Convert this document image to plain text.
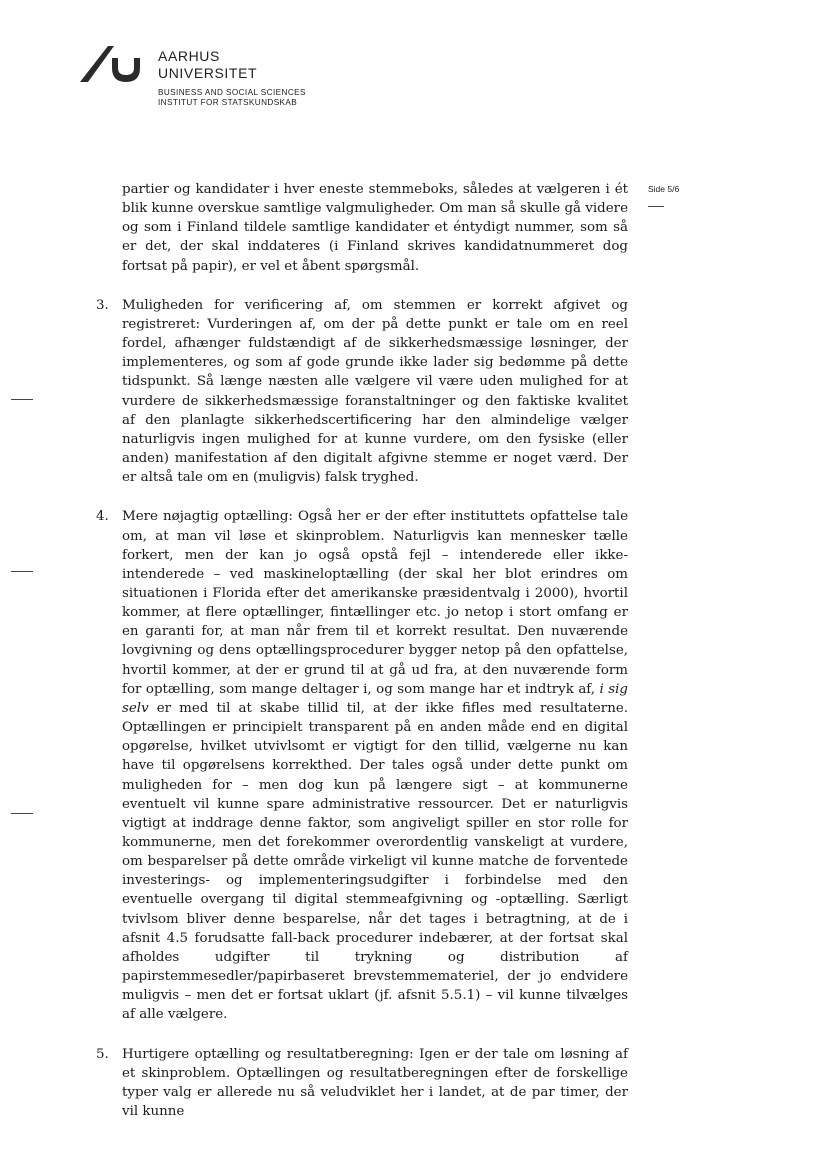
AARHUS
UNIVERSITET
BUSINESS AND SOCIAL SCIENCES
INSTITUT FOR STATSKUNDSKAB
Side 5/6

partier og kandidater i hver eneste stemmeboks, således at vælgeren i ét blik kunne overskue samtlige valgmuligheder. Om man så skulle gå videre og som i Finland tildele samtlige kandidater et éntydigt nummer, som så er det, der skal inddateres (i Finland skrives kandidatnummeret dog fortsat på papir), er vel et åbent spørgsmål.

3. Muligheden for verificering af, om stemmen er korrekt afgivet og registreret: Vurderingen af, om der på dette punkt er tale om en reel fordel, afhænger fuldstændigt af de sikkerhedsmæssige løsninger, der implementeres, og som af gode grunde ikke lader sig bedømme på dette tidspunkt. Så længe næsten alle vælgere vil være uden mulighed for at vurdere de sikkerhedsmæssige foranstaltninger og den faktiske kvalitet af den planlagte sikkerhedscertificering har den almindelige vælger naturligvis ingen mulighed for at kunne vurdere, om den fysiske (eller anden) manifestation af den digitalt afgivne stemme er noget værd. Der er altså tale om en (muligvis) falsk tryghed.
4. Mere nøjagtig optælling: Også her er der efter instituttets opfattelse tale om, at man vil løse et skinproblem. Naturligvis kan mennesker tælle forkert, men der kan jo også opstå fejl – intenderede eller ikke-intenderede – ved maskineloptælling (der skal her blot erindres om situationen i Florida efter det amerikanske præsidentvalg i 2000), hvortil kommer, at flere optællinger, fintællinger etc. jo netop i stort omfang er en garanti for, at man når frem til et korrekt resultat. Den nuværende lovgivning og dens optællingsprocedurer bygger netop på den opfattelse, hvortil kommer, at der er grund til at gå ud fra, at den nuværende form for optælling, som mange deltager i, og som mange har et indtryk af, i sig selv er med til at skabe tillid til, at der ikke fifles med resultaterne. Optællingen er principielt transparent på en anden måde end en digital opgørelse, hvilket utvivlsomt er vigtigt for den tillid, vælgerne nu kan have til opgørelsens korrekthed. Der tales også under dette punkt om muligheden for – men dog kun på længere sigt – at kommunerne eventuelt vil kunne spare administrative ressourcer. Det er naturligvis vigtigt at inddrage denne faktor, som angiveligt spiller en stor rolle for kommunerne, men det forekommer overordentlig vanskeligt at vurdere, om besparelser på dette område virkeligt vil kunne matche de forventede investerings- og implementeringsudgifter i forbindelse med den eventuelle overgang til digital stemmeafgivning og -optælling. Særligt tvivlsom bliver denne besparelse, når det tages i betragtning, at de i afsnit 4.5 forudsatte fall-back procedurer indebærer, at der fortsat skal afholdes udgifter til trykning og distribution af papirstemmesedler/papirbaseret brevstemmemateriel, der jo endvidere muligvis – men det er fortsat uklart (jf. afsnit 5.5.1) – vil kunne tilvælges af alle vælgere.
5. Hurtigere optælling og resultatberegning: Igen er der tale om løsning af et skinproblem. Optællingen og resultatberegningen efter de forskellige typer valg er allerede nu så veludviklet her i landet, at de par timer, der vil kunne
